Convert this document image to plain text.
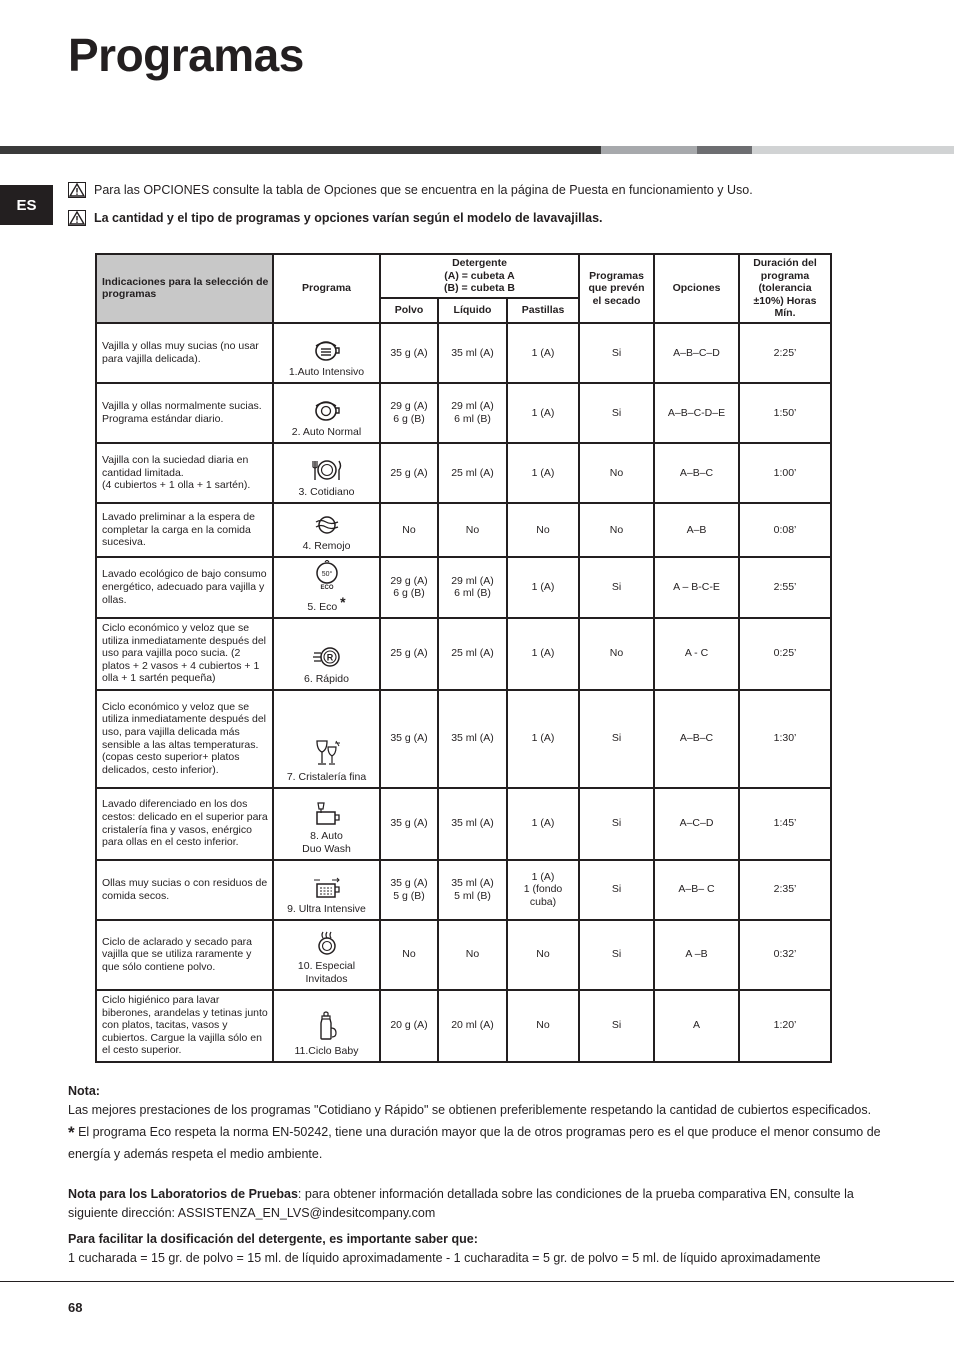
Programas
ES
Para las OPCIONES consulte la tabla de Opciones que se encuentra en la página de Puesta en funcionamiento y Uso.
La cantidad y el tipo de programas y opciones varían según el modelo de lavavajillas.
Indicaciones para la selección de programas	Programa	Detergente
(A) = cubeta A
(B) = cubeta B			Programas que prevén el secado	Opciones	Duración del programa (tolerancia ±10%) Horas Mín.
		Polvo	Líquido	Pastillas			
Vajilla y ollas muy sucias (no usar para vajilla delicada).	1.Auto Intensivo	35 g (A)	35 ml (A)	1 (A)	Si	A–B–C–D	2:25’
Vajilla y ollas normalmente sucias. Programa estándar diario.	2. Auto Normal	29 g (A)
6 g (B)	29 ml (A)
6 ml (B)	1 (A)	Si	A–B–C-D–E	1:50’
Vajilla con la suciedad diaria en cantidad limitada.
(4 cubiertos + 1 olla + 1 sartén).	3. Cotidiano	25 g (A)	25 ml (A)	1 (A)	No	A–B–C	1:00’
Lavado preliminar a la espera de completar la carga en la comida sucesiva.	4. Remojo	No	No	No	No	A–B	0:08’
Lavado ecológico de bajo consumo energético, adecuado para vajilla y ollas.	50°
ECO
5. Eco *	29 g (A)
6 g (B)	29 ml (A)
6 ml (B)	1 (A)	Si	A – B-C-E	2:55’
Ciclo económico y veloz que se utiliza inmediatamente después del uso para vajilla poco sucia. (2 platos + 2 vasos + 4 cubiertos + 1 olla + 1 sartén pequeña)	R
6. Rápido	25 g (A)	25 ml (A)	1 (A)	No	A - C	0:25’
Ciclo económico y veloz que se utiliza inmediatamente después del uso, para vajilla delicada más sensible a las altas temperaturas. (copas cesto superior+ platos delicados, cesto inferior).	7. Cristalería fina	35 g (A)	35 ml (A)	1 (A)	Si	A–B–C	1:30’
Lavado diferenciado en los dos cestos: delicado en el superior para cristalería fina y vasos, enérgico para ollas en el cesto inferior.	8. Auto
Duo Wash	35 g (A)	35 ml (A)	1 (A)	Si	A–C–D	1:45’
Ollas muy sucias o con residuos de comida secos.	9. Ultra Intensive	35 g (A)
5 g (B)	35 ml (A)
5 ml (B)	1 (A)
1 (fondo
cuba)	Si	A–B– C	2:35’
Ciclo de aclarado y secado para vajilla que se utiliza raramente y que sólo contiene polvo.	10. Especial
Invitados	No	No	No	Si	A –B	0:32’
Ciclo higiénico para lavar biberones, arandelas y tetinas junto con platos, tacitas, vasos y cubiertos. Cargue la vajilla sólo en el cesto superior.	11.Ciclo Baby	20 g (A)	20 ml (A)	No	Si	A	1:20’
Nota:
Las mejores prestaciones de los programas "Cotidiano y Rápido" se obtienen preferiblemente respetando la cantidad de cubiertos especificados.
* El programa Eco respeta la norma EN-50242, tiene una duración mayor que la de otros programas pero es el que produce el menor consumo de energía y además respeta el medio ambiente.
Nota para los Laboratorios de Pruebas: para obtener información detallada sobre las condiciones de la prueba comparativa EN, consulte la siguiente dirección: ASSISTENZA_EN_LVS@indesitcompany.com
Para facilitar la dosificación del detergente, es importante saber que:
1 cucharada = 15 gr. de polvo = 15 ml. de líquido aproximadamente - 1 cucharadita = 5 gr. de polvo = 5 ml. de líquido aproximadamente
68
